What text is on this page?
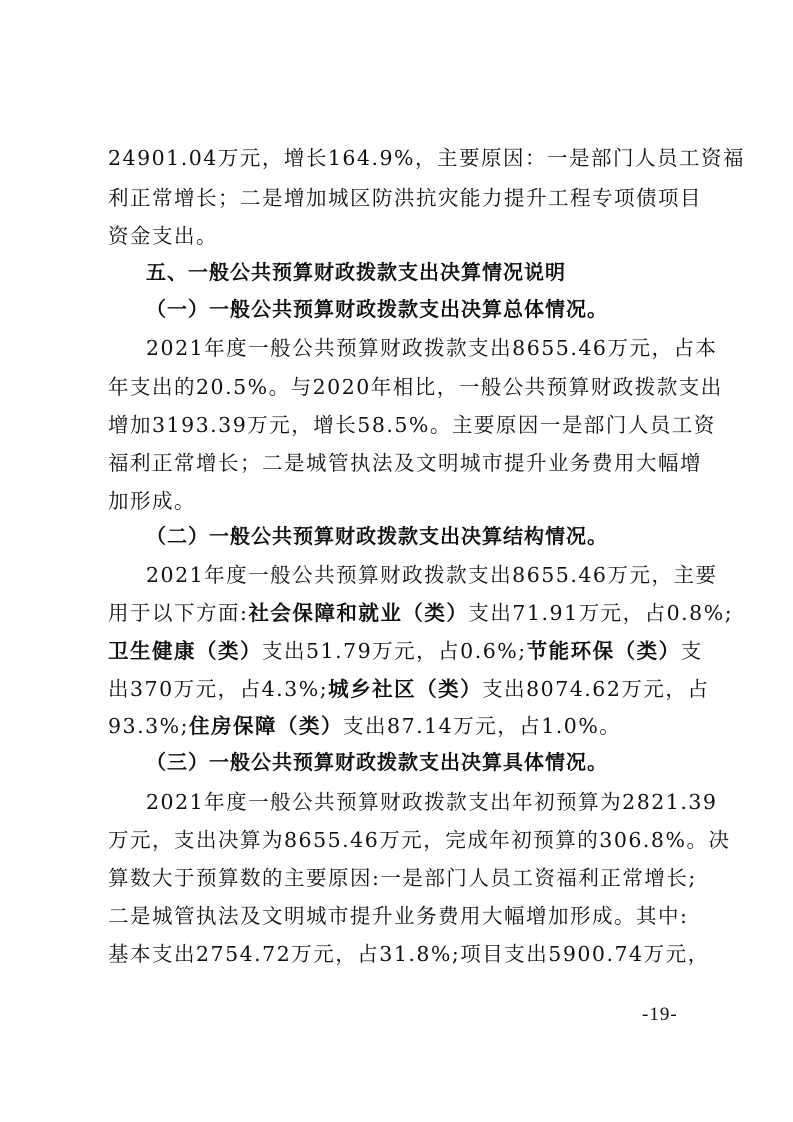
24901.04万元，增长164.9%，主要原因：一是部门人员工资福
利正常增长；二是增加城区防洪抗灾能力提升工程专项债项目
资金支出。
五、一般公共预算财政拨款支出决算情况说明
（一）一般公共预算财政拨款支出决算总体情况。
2021年度一般公共预算财政拨款支出8655.46万元，占本
年支出的20.5%。与2020年相比，一般公共预算财政拨款支出
增加3193.39万元，增长58.5%。主要原因一是部门人员工资
福利正常增长；二是城管执法及文明城市提升业务费用大幅增
加形成。
（二）一般公共预算财政拨款支出决算结构情况。
2021年度一般公共预算财政拨款支出8655.46万元，主要
用于以下方面:社会保障和就业（类）支出71.91万元，占0.8%;
卫生健康（类）支出51.79万元，占0.6%;节能环保（类）支
出370万元，占4.3%;城乡社区（类）支出8074.62万元，占
93.3%;住房保障（类）支出87.14万元，占1.0%。
（三）一般公共预算财政拨款支出决算具体情况。
2021年度一般公共预算财政拨款支出年初预算为2821.39
万元，支出决算为8655.46万元，完成年初预算的306.8%。决
算数大于预算数的主要原因:一是部门人员工资福利正常增长;
二是城管执法及文明城市提升业务费用大幅增加形成。其中:
基本支出2754.72万元，占31.8%;项目支出5900.74万元，
-19-
